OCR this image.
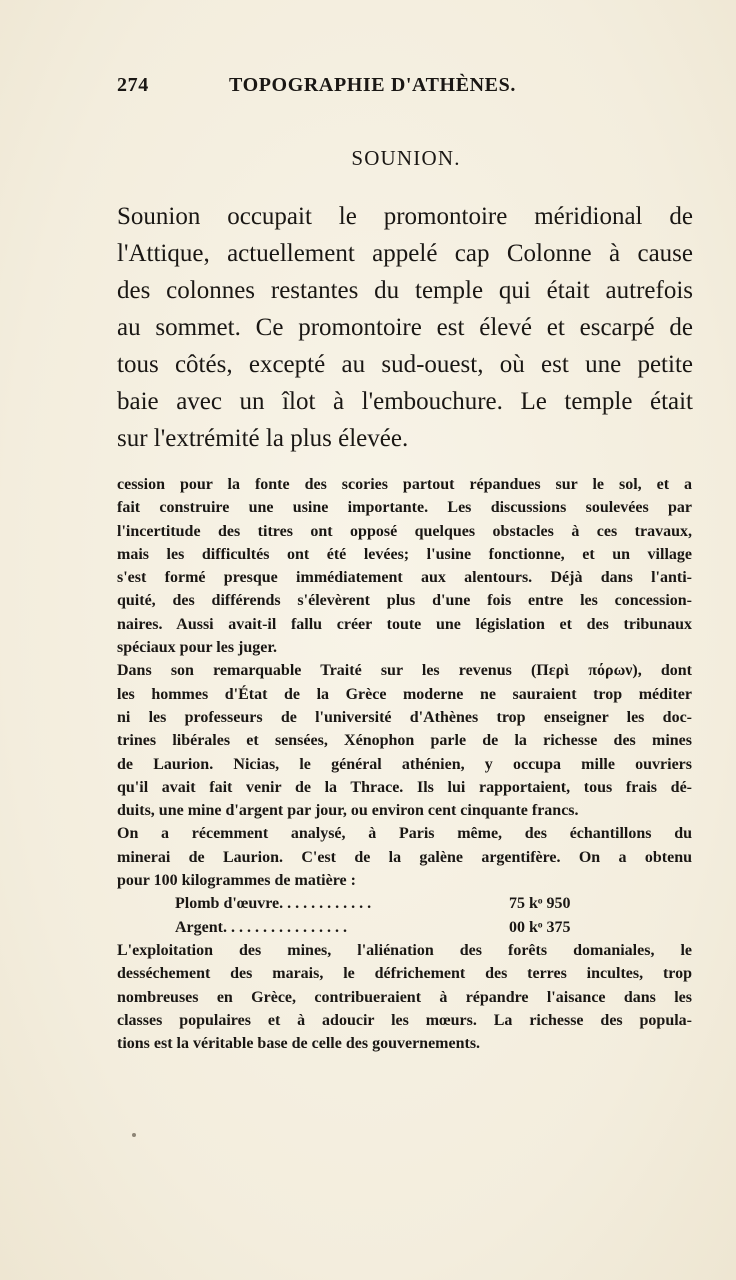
274	TOPOGRAPHIE D'ATHÈNES.
SOUNION.
Sounion occupait le promontoire méridional de
l'Attique, actuellement appelé cap Colonne à cause
des colonnes restantes du temple qui était autrefois
au sommet. Ce promontoire est élevé et escarpé de
tous côtés, excepté au sud-ouest, où est une petite
baie avec un îlot à l'embouchure. Le temple était
sur l'extrémité la plus élevée.
cession pour la fonte des scories partout répandues sur le sol, et a
fait construire une usine importante. Les discussions soulevées par
l'incertitude des titres ont opposé quelques obstacles à ces travaux,
mais les difficultés ont été levées; l'usine fonctionne, et un village
s'est formé presque immédiatement aux alentours. Déjà dans l'anti-
quité, des différends s'élevèrent plus d'une fois entre les concession-
naires. Aussi avait-il fallu créer toute une législation et des tribunaux
spéciaux pour les juger.
Dans son remarquable Traité sur les revenus (Περὶ πόρων), dont
les hommes d'État de la Grèce moderne ne sauraient trop méditer
ni les professeurs de l'université d'Athènes trop enseigner les doc-
trines libérales et sensées, Xénophon parle de la richesse des mines
de Laurion. Nicias, le général athénien, y occupa mille ouvriers
qu'il avait fait venir de la Thrace. Ils lui rapportaient, tous frais dé-
duits, une mine d'argent par jour, ou environ cent cinquante francs.
On a récemment analysé, à Paris même, des échantillons du
minerai de Laurion. C'est de la galène argentifère. On a obtenu
pour 100 kilogrammes de matière :
Plomb d'œuvre. . . . . . . . . . . .	75 kᵒ 950
Argent. . . . . . . . . . . . . . . .	00 kᵒ 375
L'exploitation des mines, l'aliénation des forêts domaniales, le
desséchement des marais, le défrichement des terres incultes, trop
nombreuses en Grèce, contribueraient à répandre l'aisance dans les
classes populaires et à adoucir les mœurs. La richesse des popula-
tions est la véritable base de celle des gouvernements.
